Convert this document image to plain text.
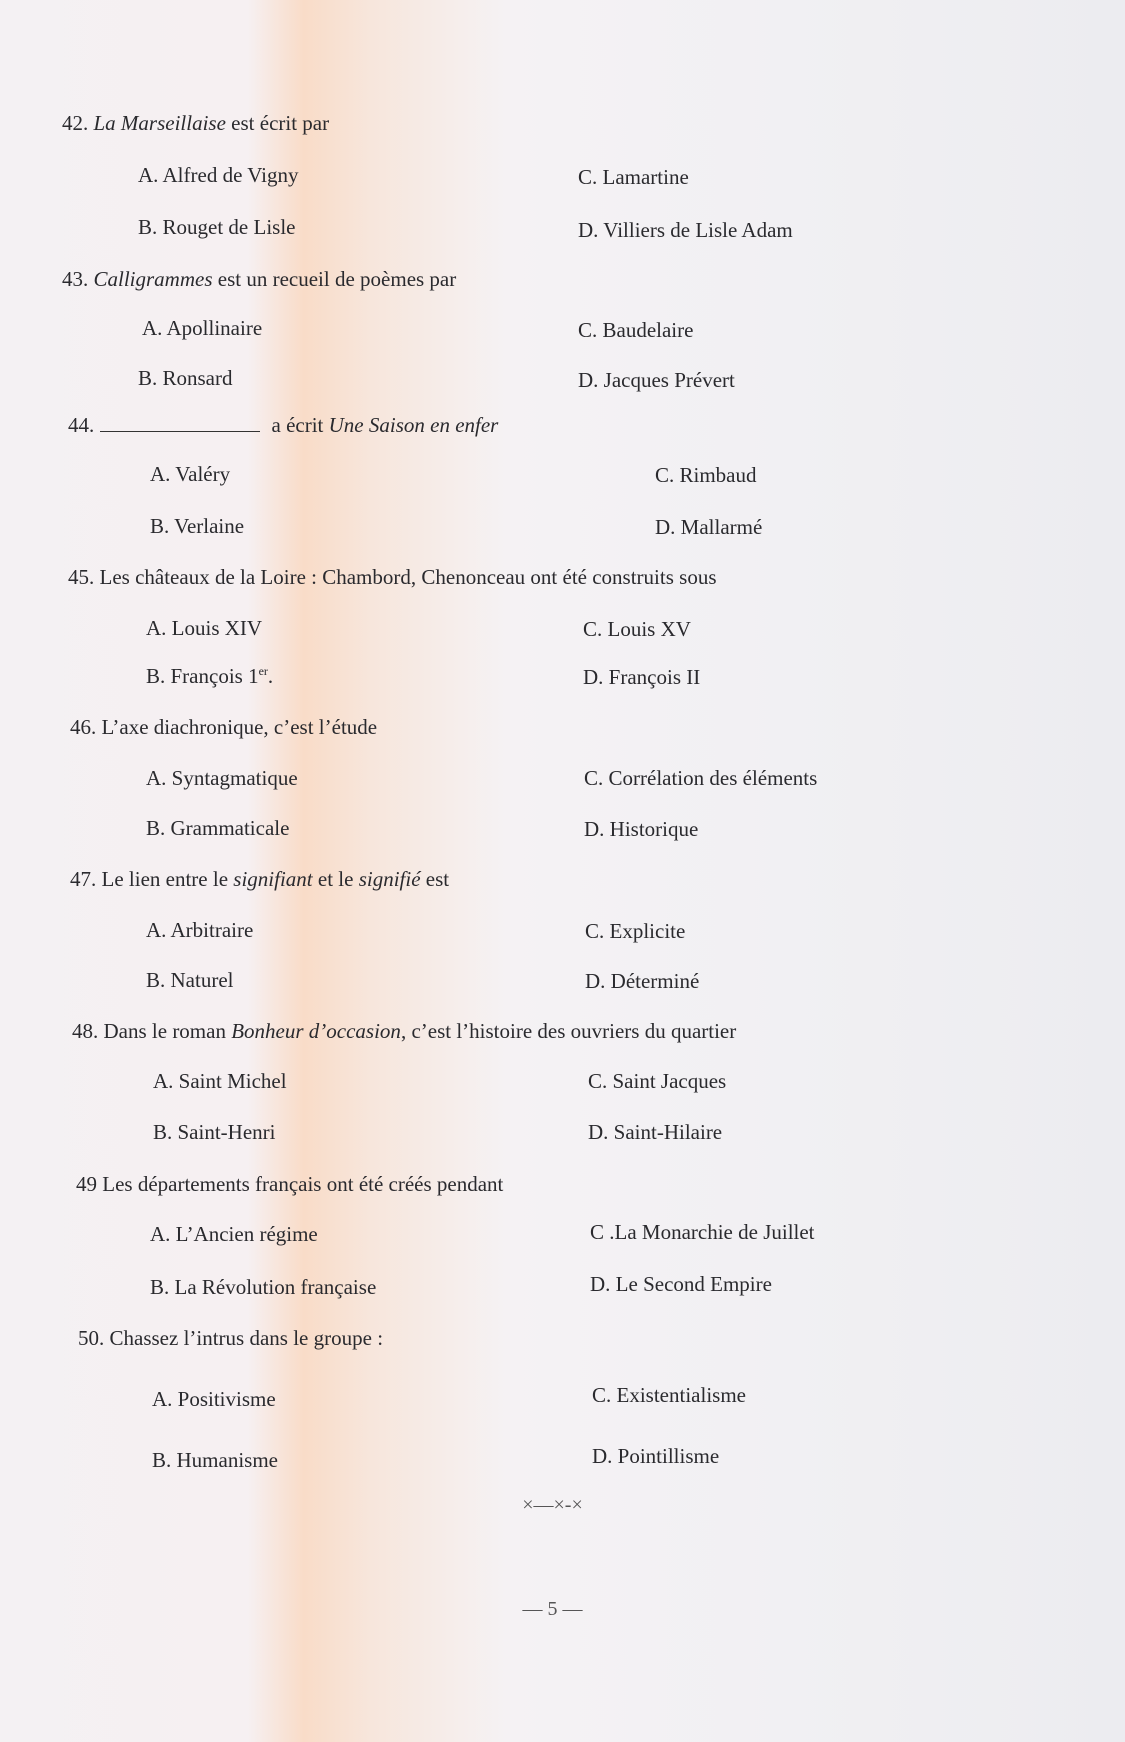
42. La Marseillaise est écrit par
A. Alfred de Vigny	C. Lamartine
B. Rouget de Lisle	D. Villiers de Lisle Adam
43. Calligrammes est un recueil de poèmes par
A. Apollinaire	C. Baudelaire
B. Ronsard	D. Jacques Prévert
44.	a écrit Une Saison en enfer
A. Valéry	C. Rimbaud
B. Verlaine	D. Mallarmé
45. Les châteaux de la Loire : Chambord, Chenonceau ont été construits sous
A. Louis XIV	C. Louis XV
B. François 1er.	D. François II
46. L’axe diachronique, c’est l’étude
A. Syntagmatique	C. Corrélation des éléments
B. Grammaticale	D. Historique
47. Le lien entre le signifiant et le signifié est
A. Arbitraire	C. Explicite
B. Naturel	D. Déterminé
48. Dans le roman Bonheur d’occasion, c’est l’histoire des ouvriers du quartier
A. Saint Michel	C. Saint Jacques
B. Saint-Henri	D. Saint-Hilaire
49 Les départements français ont été créés pendant
A. L’Ancien régime	C .La Monarchie de Juillet
B. La Révolution française	D. Le Second Empire
50. Chassez l’intrus dans le groupe :
A. Positivisme	C. Existentialisme
B. Humanisme	D. Pointillisme
×—×-×
— 5 —
